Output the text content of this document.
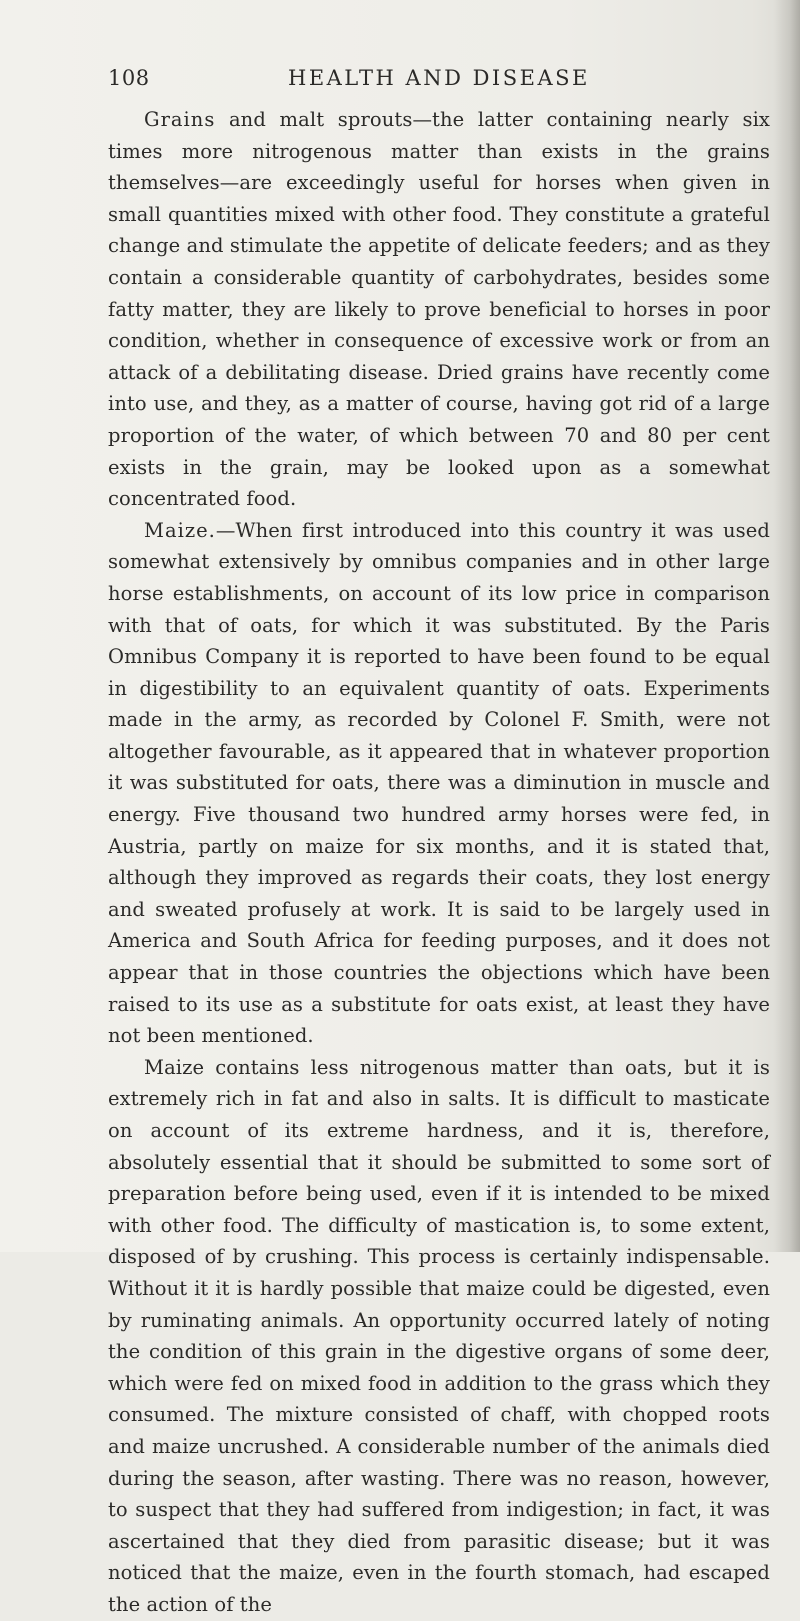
108	HEALTH AND DISEASE

Grains and malt sprouts—the latter containing nearly six times more nitrogenous matter than exists in the grains themselves—are exceedingly useful for horses when given in small quantities mixed with other food. They constitute a grateful change and stimulate the appetite of delicate feeders; and as they contain a considerable quantity of carbohydrates, besides some fatty matter, they are likely to prove beneficial to horses in poor condition, whether in consequence of excessive work or from an attack of a debilitating disease. Dried grains have recently come into use, and they, as a matter of course, having got rid of a large proportion of the water, of which between 70 and 80 per cent exists in the grain, may be looked upon as a somewhat concentrated food.

Maize.—When first introduced into this country it was used somewhat extensively by omnibus companies and in other large horse establishments, on account of its low price in comparison with that of oats, for which it was substituted. By the Paris Omnibus Company it is reported to have been found to be equal in digestibility to an equivalent quantity of oats. Experiments made in the army, as recorded by Colonel F. Smith, were not altogether favourable, as it appeared that in whatever proportion it was substituted for oats, there was a diminution in muscle and energy. Five thousand two hundred army horses were fed, in Austria, partly on maize for six months, and it is stated that, although they improved as regards their coats, they lost energy and sweated profusely at work. It is said to be largely used in America and South Africa for feeding purposes, and it does not appear that in those countries the objections which have been raised to its use as a substitute for oats exist, at least they have not been mentioned.

Maize contains less nitrogenous matter than oats, but it is extremely rich in fat and also in salts. It is difficult to masticate on account of its extreme hardness, and it is, therefore, absolutely essential that it should be submitted to some sort of preparation before being used, even if it is intended to be mixed with other food. The difficulty of mastication is, to some extent, disposed of by crushing. This process is certainly indispensable. Without it it is hardly possible that maize could be digested, even by ruminating animals. An opportunity occurred lately of noting the condition of this grain in the digestive organs of some deer, which were fed on mixed food in addition to the grass which they consumed. The mixture consisted of chaff, with chopped roots and maize uncrushed. A considerable number of the animals died during the season, after wasting. There was no reason, however, to suspect that they had suffered from indigestion; in fact, it was ascertained that they died from parasitic disease; but it was noticed that the maize, even in the fourth stomach, had escaped the action of the
